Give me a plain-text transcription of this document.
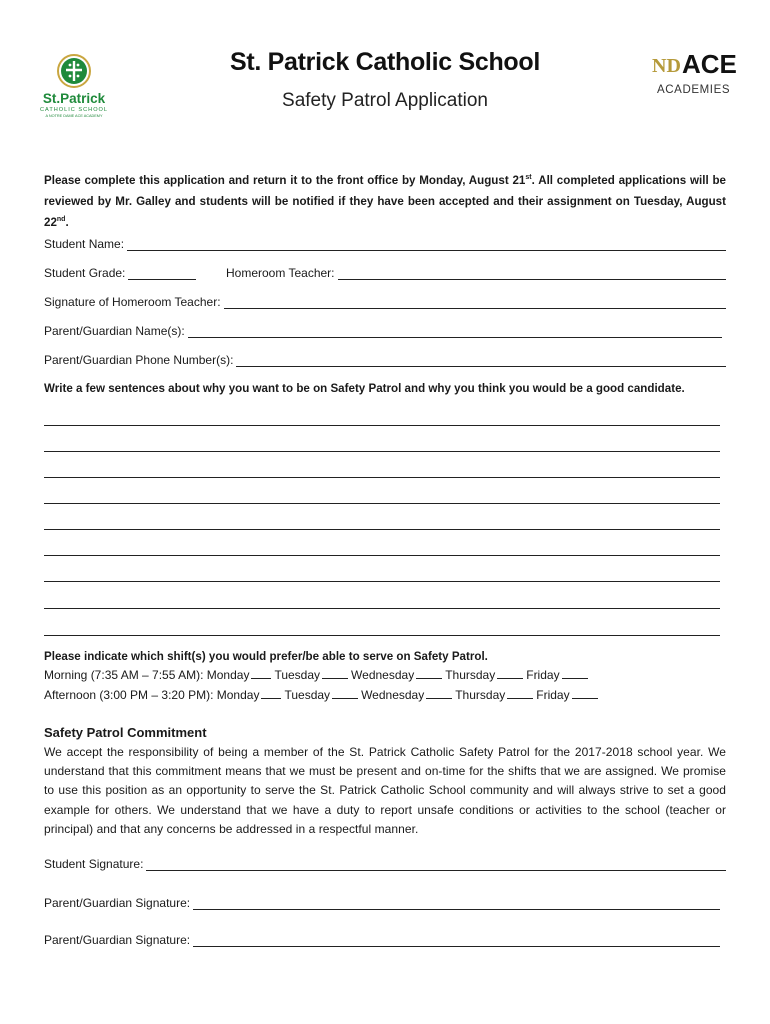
St.Patrick
CATHOLIC SCHOOL
A NOTRE DAME ACE ACADEMY
St. Patrick Catholic School
Safety Patrol Application
ND ACE
ACADEMIES
Please complete this application and return it to the front office by Monday, August 21st. All completed applications will be reviewed by Mr. Galley and students will be notified if they have been accepted and their assignment on Tuesday, August 22nd.
Student Name:
Student Grade:	Homeroom Teacher:
Signature of Homeroom Teacher:
Parent/Guardian Name(s):
Parent/Guardian Phone Number(s):
Write a few sentences about why you want to be on Safety Patrol and why you think you would be a good candidate.
Please indicate which shift(s) you would prefer/be able to serve on Safety Patrol.
Morning (7:35 AM – 7:55 AM): Monday Tuesday	Wednesday	Thursday	Friday
Afternoon (3:00 PM – 3:20 PM): Monday Tuesday	Wednesday	Thursday	Friday
Safety Patrol Commitment
We accept the responsibility of being a member of the St. Patrick Catholic Safety Patrol for the 2017-2018 school year. We understand that this commitment means that we must be present and on-time for the shifts that we are assigned. We promise to use this position as an opportunity to serve the St. Patrick Catholic School community and will always strive to set a good example for others. We understand that we have a duty to report unsafe conditions or activities to the school (teacher or principal) and that any concerns be addressed in a respectful manner.
Student Signature:
Parent/Guardian Signature:
Parent/Guardian Signature:
